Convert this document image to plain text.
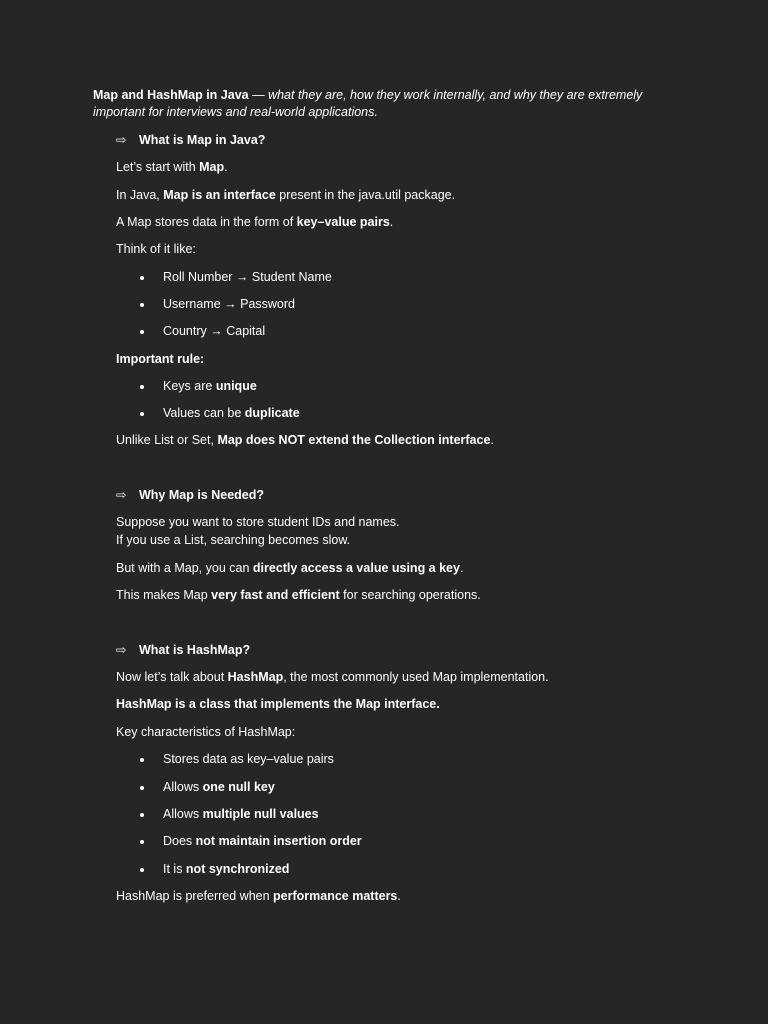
Map and HashMap in Java — what they are, how they work internally, and why they are extremely important for interviews and real-world applications.
⇨ What is Map in Java?
Let’s start with Map.
In Java, Map is an interface present in the java.util package.
A Map stores data in the form of key–value pairs.
Think of it like:
Roll Number → Student Name
Username → Password
Country → Capital
Important rule:
Keys are unique
Values can be duplicate
Unlike List or Set, Map does NOT extend the Collection interface.
⇨ Why Map is Needed?
Suppose you want to store student IDs and names.
If you use a List, searching becomes slow.
But with a Map, you can directly access a value using a key.
This makes Map very fast and efficient for searching operations.
⇨ What is HashMap?
Now let’s talk about HashMap, the most commonly used Map implementation.
HashMap is a class that implements the Map interface.
Key characteristics of HashMap:
Stores data as key–value pairs
Allows one null key
Allows multiple null values
Does not maintain insertion order
It is not synchronized
HashMap is preferred when performance matters.
